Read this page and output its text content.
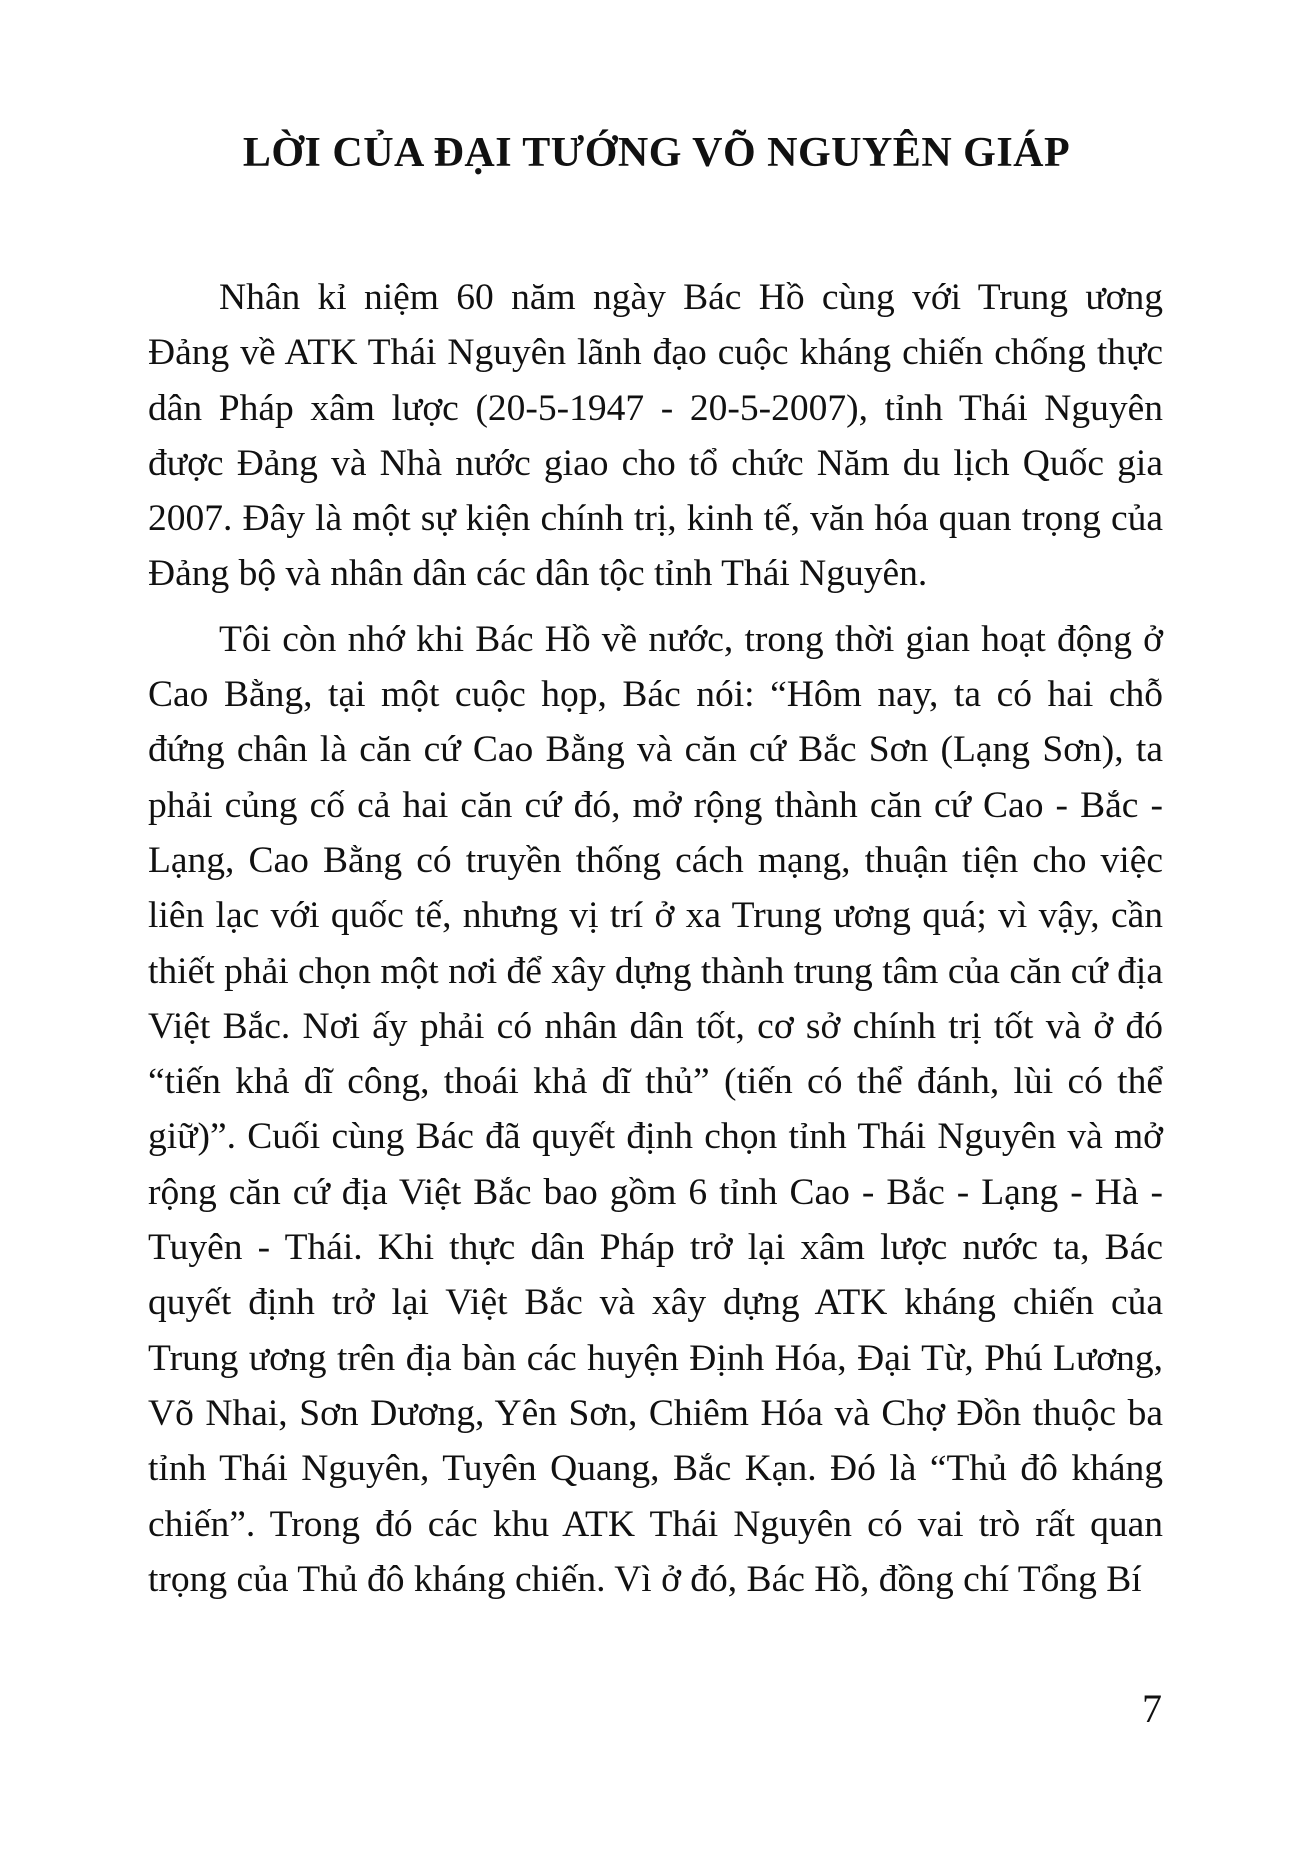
LỜI CỦA ĐẠI TƯỚNG VÕ NGUYÊN GIÁP

Nhân kỉ niệm 60 năm ngày Bác Hồ cùng với Trung ương Đảng về ATK Thái Nguyên lãnh đạo cuộc kháng chiến chống thực dân Pháp xâm lược (20-5-1947 - 20-5-2007), tỉnh Thái Nguyên được Đảng và Nhà nước giao cho tổ chức Năm du lịch Quốc gia 2007. Đây là một sự kiện chính trị, kinh tế, văn hóa quan trọng của Đảng bộ và nhân dân các dân tộc tỉnh Thái Nguyên.

Tôi còn nhớ khi Bác Hồ về nước, trong thời gian hoạt động ở Cao Bằng, tại một cuộc họp, Bác nói: “Hôm nay, ta có hai chỗ đứng chân là căn cứ Cao Bằng và căn cứ Bắc Sơn (Lạng Sơn), ta phải củng cố cả hai căn cứ đó, mở rộng thành căn cứ Cao - Bắc - Lạng, Cao Bằng có truyền thống cách mạng, thuận tiện cho việc liên lạc với quốc tế, nhưng vị trí ở xa Trung ương quá; vì vậy, cần thiết phải chọn một nơi để xây dựng thành trung tâm của căn cứ địa Việt Bắc. Nơi ấy phải có nhân dân tốt, cơ sở chính trị tốt và ở đó “tiến khả dĩ công, thoái khả dĩ thủ” (tiến có thể đánh, lùi có thể giữ)”. Cuối cùng Bác đã quyết định chọn tỉnh Thái Nguyên và mở rộng căn cứ địa Việt Bắc bao gồm 6 tỉnh Cao - Bắc - Lạng - Hà - Tuyên - Thái. Khi thực dân Pháp trở lại xâm lược nước ta, Bác quyết định trở lại Việt Bắc và xây dựng ATK kháng chiến của Trung ương trên địa bàn các huyện Định Hóa, Đại Từ, Phú Lương, Võ Nhai, Sơn Dương, Yên Sơn, Chiêm Hóa và Chợ Đồn thuộc ba tỉnh Thái Nguyên, Tuyên Quang, Bắc Kạn. Đó là “Thủ đô kháng chiến”. Trong đó các khu ATK Thái Nguyên có vai trò rất quan trọng của Thủ đô kháng chiến. Vì ở đó, Bác Hồ, đồng chí Tổng Bí

7
